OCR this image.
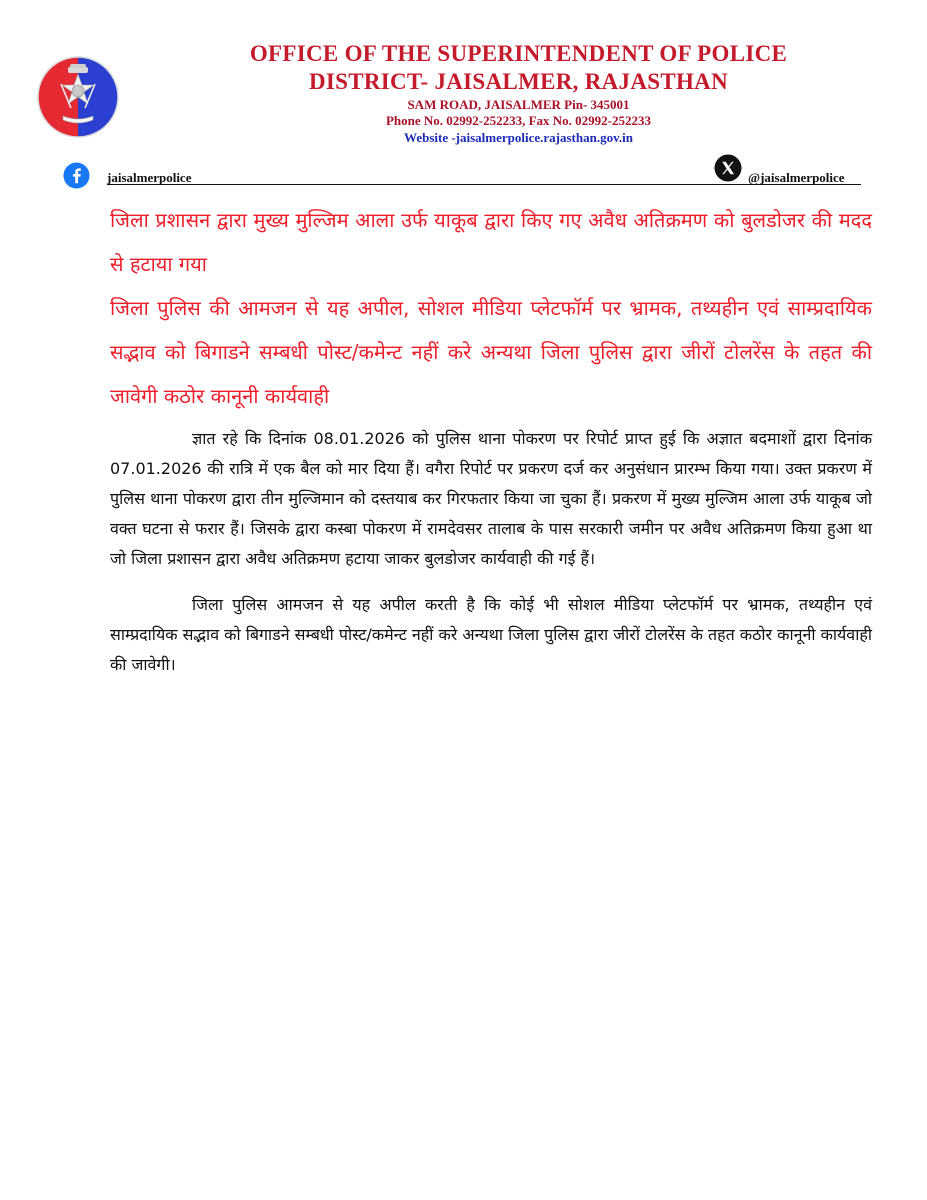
OFFICE OF THE SUPERINTENDENT OF POLICE
DISTRICT- JAISALMER, RAJASTHAN
SAM ROAD, JAISALMER Pin- 345001
Phone No. 02992-252233, Fax No. 02992-252233
Website -jaisalmerpolice.rajasthan.gov.in
jaisalmerpolice	@jaisalmerpolice

जिला प्रशासन द्वारा मुख्य मुल्जिम आला उर्फ याकूब द्वारा किए गए अवैध अतिक्रमण को बुलडोजर की मदद से हटाया गया

जिला पुलिस की आमजन से यह अपील, सोशल मीडिया प्लेटफॉर्म पर भ्रामक, तथ्यहीन एवं साम्प्रदायिक सद्भाव को बिगाडने सम्बधी पोस्ट/कमेन्ट नहीं करे अन्यथा जिला पुलिस द्वारा जीरों टोलरेंस के तहत की जावेगी कठोर कानूनी कार्यवाही

ज्ञात रहे कि दिनांक 08.01.2026 को पुलिस थाना पोकरण पर रिपोर्ट प्राप्त हुई कि अज्ञात बदमाशों द्वारा दिनांक 07.01.2026 की रात्रि में एक बैल को मार दिया हैं। वगैरा रिपोर्ट पर प्रकरण दर्ज कर अनुसंधान प्रारम्भ किया गया। उक्त प्रकरण में पुलिस थाना पोकरण द्वारा तीन मुल्जिमान को दस्तयाब कर गिरफतार किया जा चुका हैं। प्रकरण में मुख्य मुल्जिम आला उर्फ याकूब जो वक्त घटना से फरार हैं। जिसके द्वारा कस्बा पोकरण में रामदेवसर तालाब के पास सरकारी जमीन पर अवैध अतिक्रमण किया हुआ था जो जिला प्रशासन द्वारा अवैध अतिक्रमण हटाया जाकर बुलडोजर कार्यवाही की गई हैं।

जिला पुलिस आमजन से यह अपील करती है कि कोई भी सोशल मीडिया प्लेटफॉर्म पर भ्रामक, तथ्यहीन एवं साम्प्रदायिक सद्भाव को बिगाडने सम्बधी पोस्ट/कमेन्ट नहीं करे अन्यथा जिला पुलिस द्वारा जीरों टोलरेंस के तहत कठोर कानूनी कार्यवाही की जावेगी।
